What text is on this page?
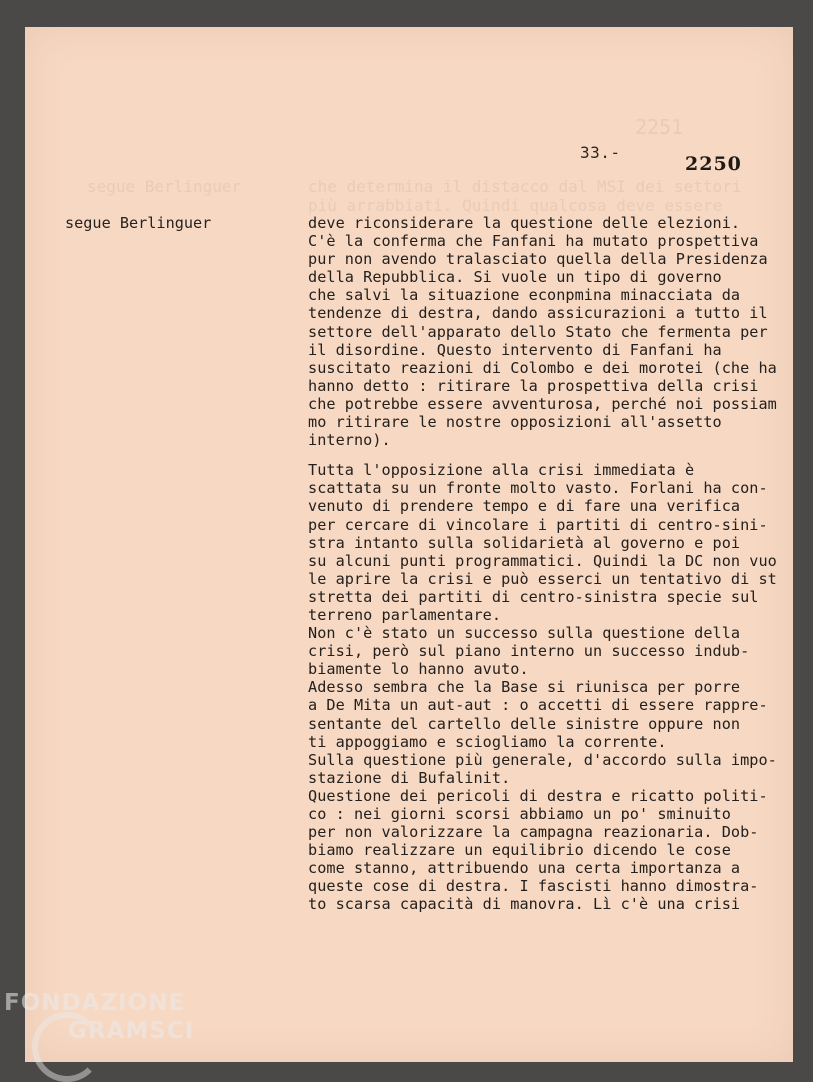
2251
segue Berlinguer	che determina il distacco dal MSI dei settori
più arrabbiati. Quindi qualcosa deve essere
33.-
2250
segue Berlinguer	deve riconsiderare la questione delle elezioni.
C'è la conferma che Fanfani ha mutato prospettiva
pur non avendo tralasciato quella della Presidenza
della Repubblica. Si vuole un tipo di governo
che salvi la situazione econpmina minacciata da
tendenze di destra, dando assicurazioni a tutto il
settore dell'apparato dello Stato che fermenta per
il disordine. Questo intervento di Fanfani ha
suscitato reazioni di Colombo e dei morotei (che ha
hanno detto : ritirare la prospettiva della crisi
che potrebbe essere avventurosa, perché noi possiam
mo ritirare le nostre opposizioni all'assetto
interno).
Tutta l'opposizione alla crisi immediata è
scattata su un fronte molto vasto. Forlani ha con-
venuto di prendere tempo e di fare una verifica
per cercare di vincolare i partiti di centro-sini-
stra intanto sulla solidarietà al governo e poi
su alcuni punti programmatici. Quindi la DC non vuo
le aprire la crisi e può esserci un tentativo di st
stretta dei partiti di centro-sinistra specie sul
terreno parlamentare.
Non c'è stato un successo sulla questione della
crisi, però sul piano interno un successo indub-
biamente lo hanno avuto.
Adesso sembra che la Base si riunisca per porre
a De Mita un aut-aut : o accetti di essere rappre-
sentante del cartello delle sinistre oppure non
ti appoggiamo e sciogliamo la corrente.
Sulla questione più generale, d'accordo sulla impo-
stazione di Bufalinit.
Questione dei pericoli di destra e ricatto politi-
co : nei giorni scorsi abbiamo un po' sminuito
per non valorizzare la campagna reazionaria. Dob-
biamo realizzare un equilibrio dicendo le cose
come stanno, attribuendo una certa importanza a
queste cose di destra. I fascisti hanno dimostra-
to scarsa capacità di manovra. Lì c'è una crisi
FONDAZIONE
GRAMSCI
